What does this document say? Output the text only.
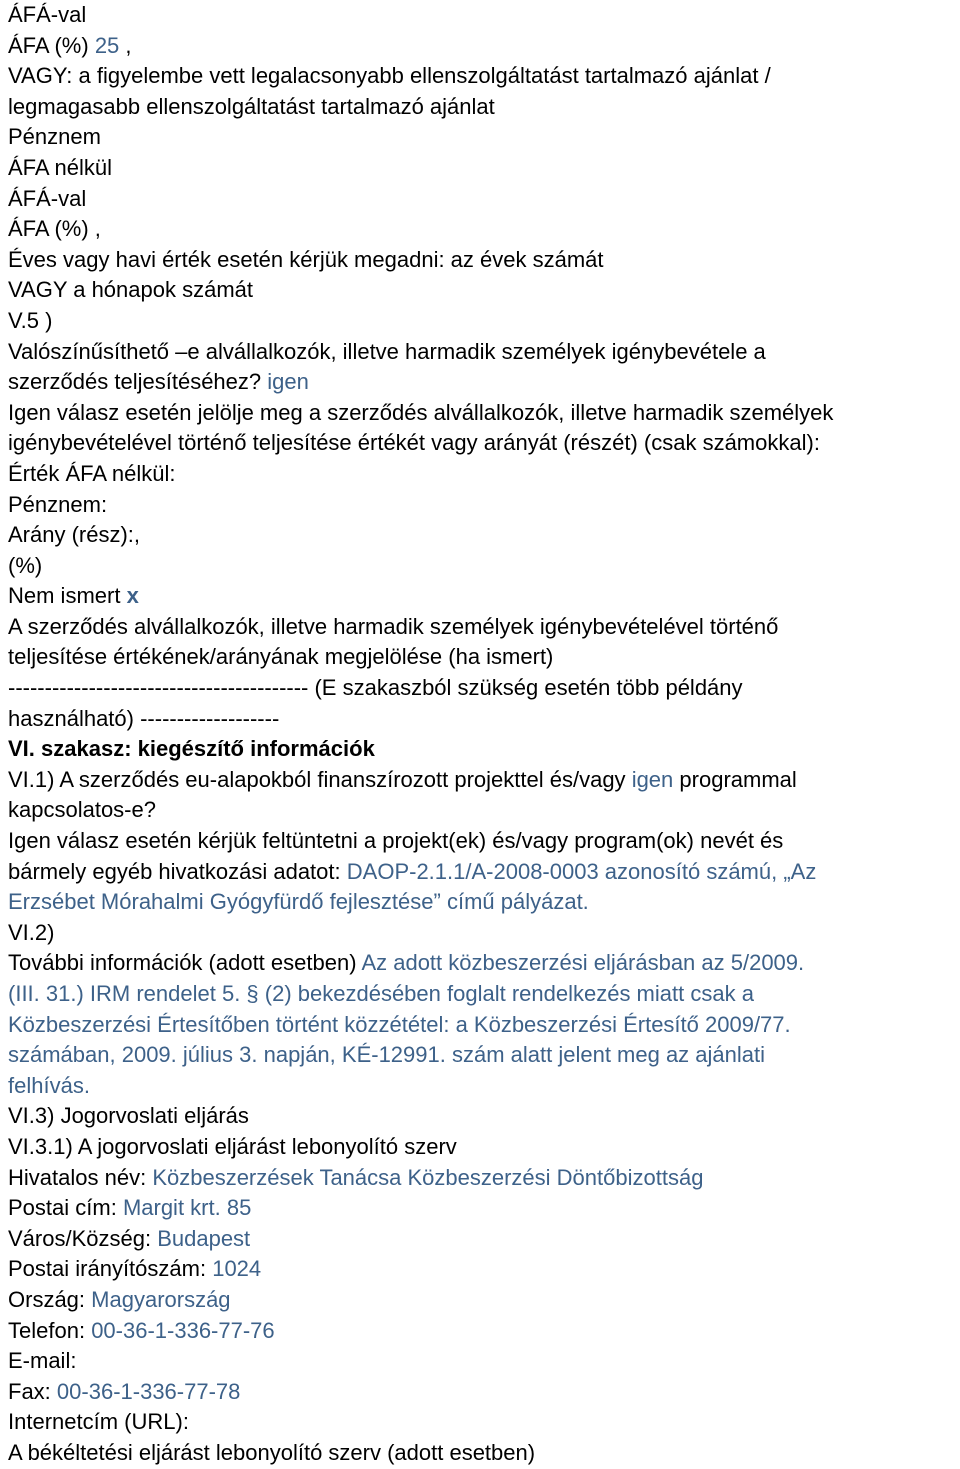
ÁFÁ-val
ÁFA (%) 25 ,
VAGY: a figyelembe vett legalacsonyabb ellenszolgáltatást tartalmazó ajánlat /
legmagasabb ellenszolgáltatást tartalmazó ajánlat
Pénznem
ÁFA nélkül
ÁFÁ-val
ÁFA (%) ,
Éves vagy havi érték esetén kérjük megadni: az évek számát
VAGY a hónapok számát
V.5 )
Valószínűsíthető –e alvállalkozók, illetve harmadik személyek igénybevétele a
szerződés teljesítéséhez? igen
Igen válasz esetén jelölje meg a szerződés alvállalkozók, illetve harmadik személyek
igénybevételével történő teljesítése értékét vagy arányát (részét) (csak számokkal):
Érték ÁFA nélkül:
Pénznem:
Arány (rész):,
(%)
Nem ismert x
A szerződés alvállalkozók, illetve harmadik személyek igénybevételével történő
teljesítése értékének/arányának megjelölése (ha ismert)
----------------------------------------- (E szakaszból szükség esetén több példány
használható) -------------------
VI. szakasz: kiegészítő információk
VI.1) A szerződés eu-alapokból finanszírozott projekttel és/vagy igen programmal
kapcsolatos-e?
Igen válasz esetén kérjük feltüntetni a projekt(ek) és/vagy program(ok) nevét és
bármely egyéb hivatkozási adatot: DAOP-2.1.1/A-2008-0003 azonosító számú, „Az
Erzsébet Mórahalmi Gyógyfürdő fejlesztése” című pályázat.
VI.2)
További információk (adott esetben) Az adott közbeszerzési eljárásban az 5/2009.
(III. 31.) IRM rendelet 5. § (2) bekezdésében foglalt rendelkezés miatt csak a
Közbeszerzési Értesítőben történt közzététel: a Közbeszerzési Értesítő 2009/77.
számában, 2009. július 3. napján, KÉ-12991. szám alatt jelent meg az ajánlati
felhívás.
VI.3) Jogorvoslati eljárás
VI.3.1) A jogorvoslati eljárást lebonyolító szerv
Hivatalos név: Közbeszerzések Tanácsa Közbeszerzési Döntőbizottság
Postai cím: Margit krt. 85
Város/Község: Budapest
Postai irányítószám: 1024
Ország: Magyarország
Telefon: 00-36-1-336-77-76
E-mail:
Fax: 00-36-1-336-77-78
Internetcím (URL):
A békéltetési eljárást lebonyolító szerv (adott esetben)
